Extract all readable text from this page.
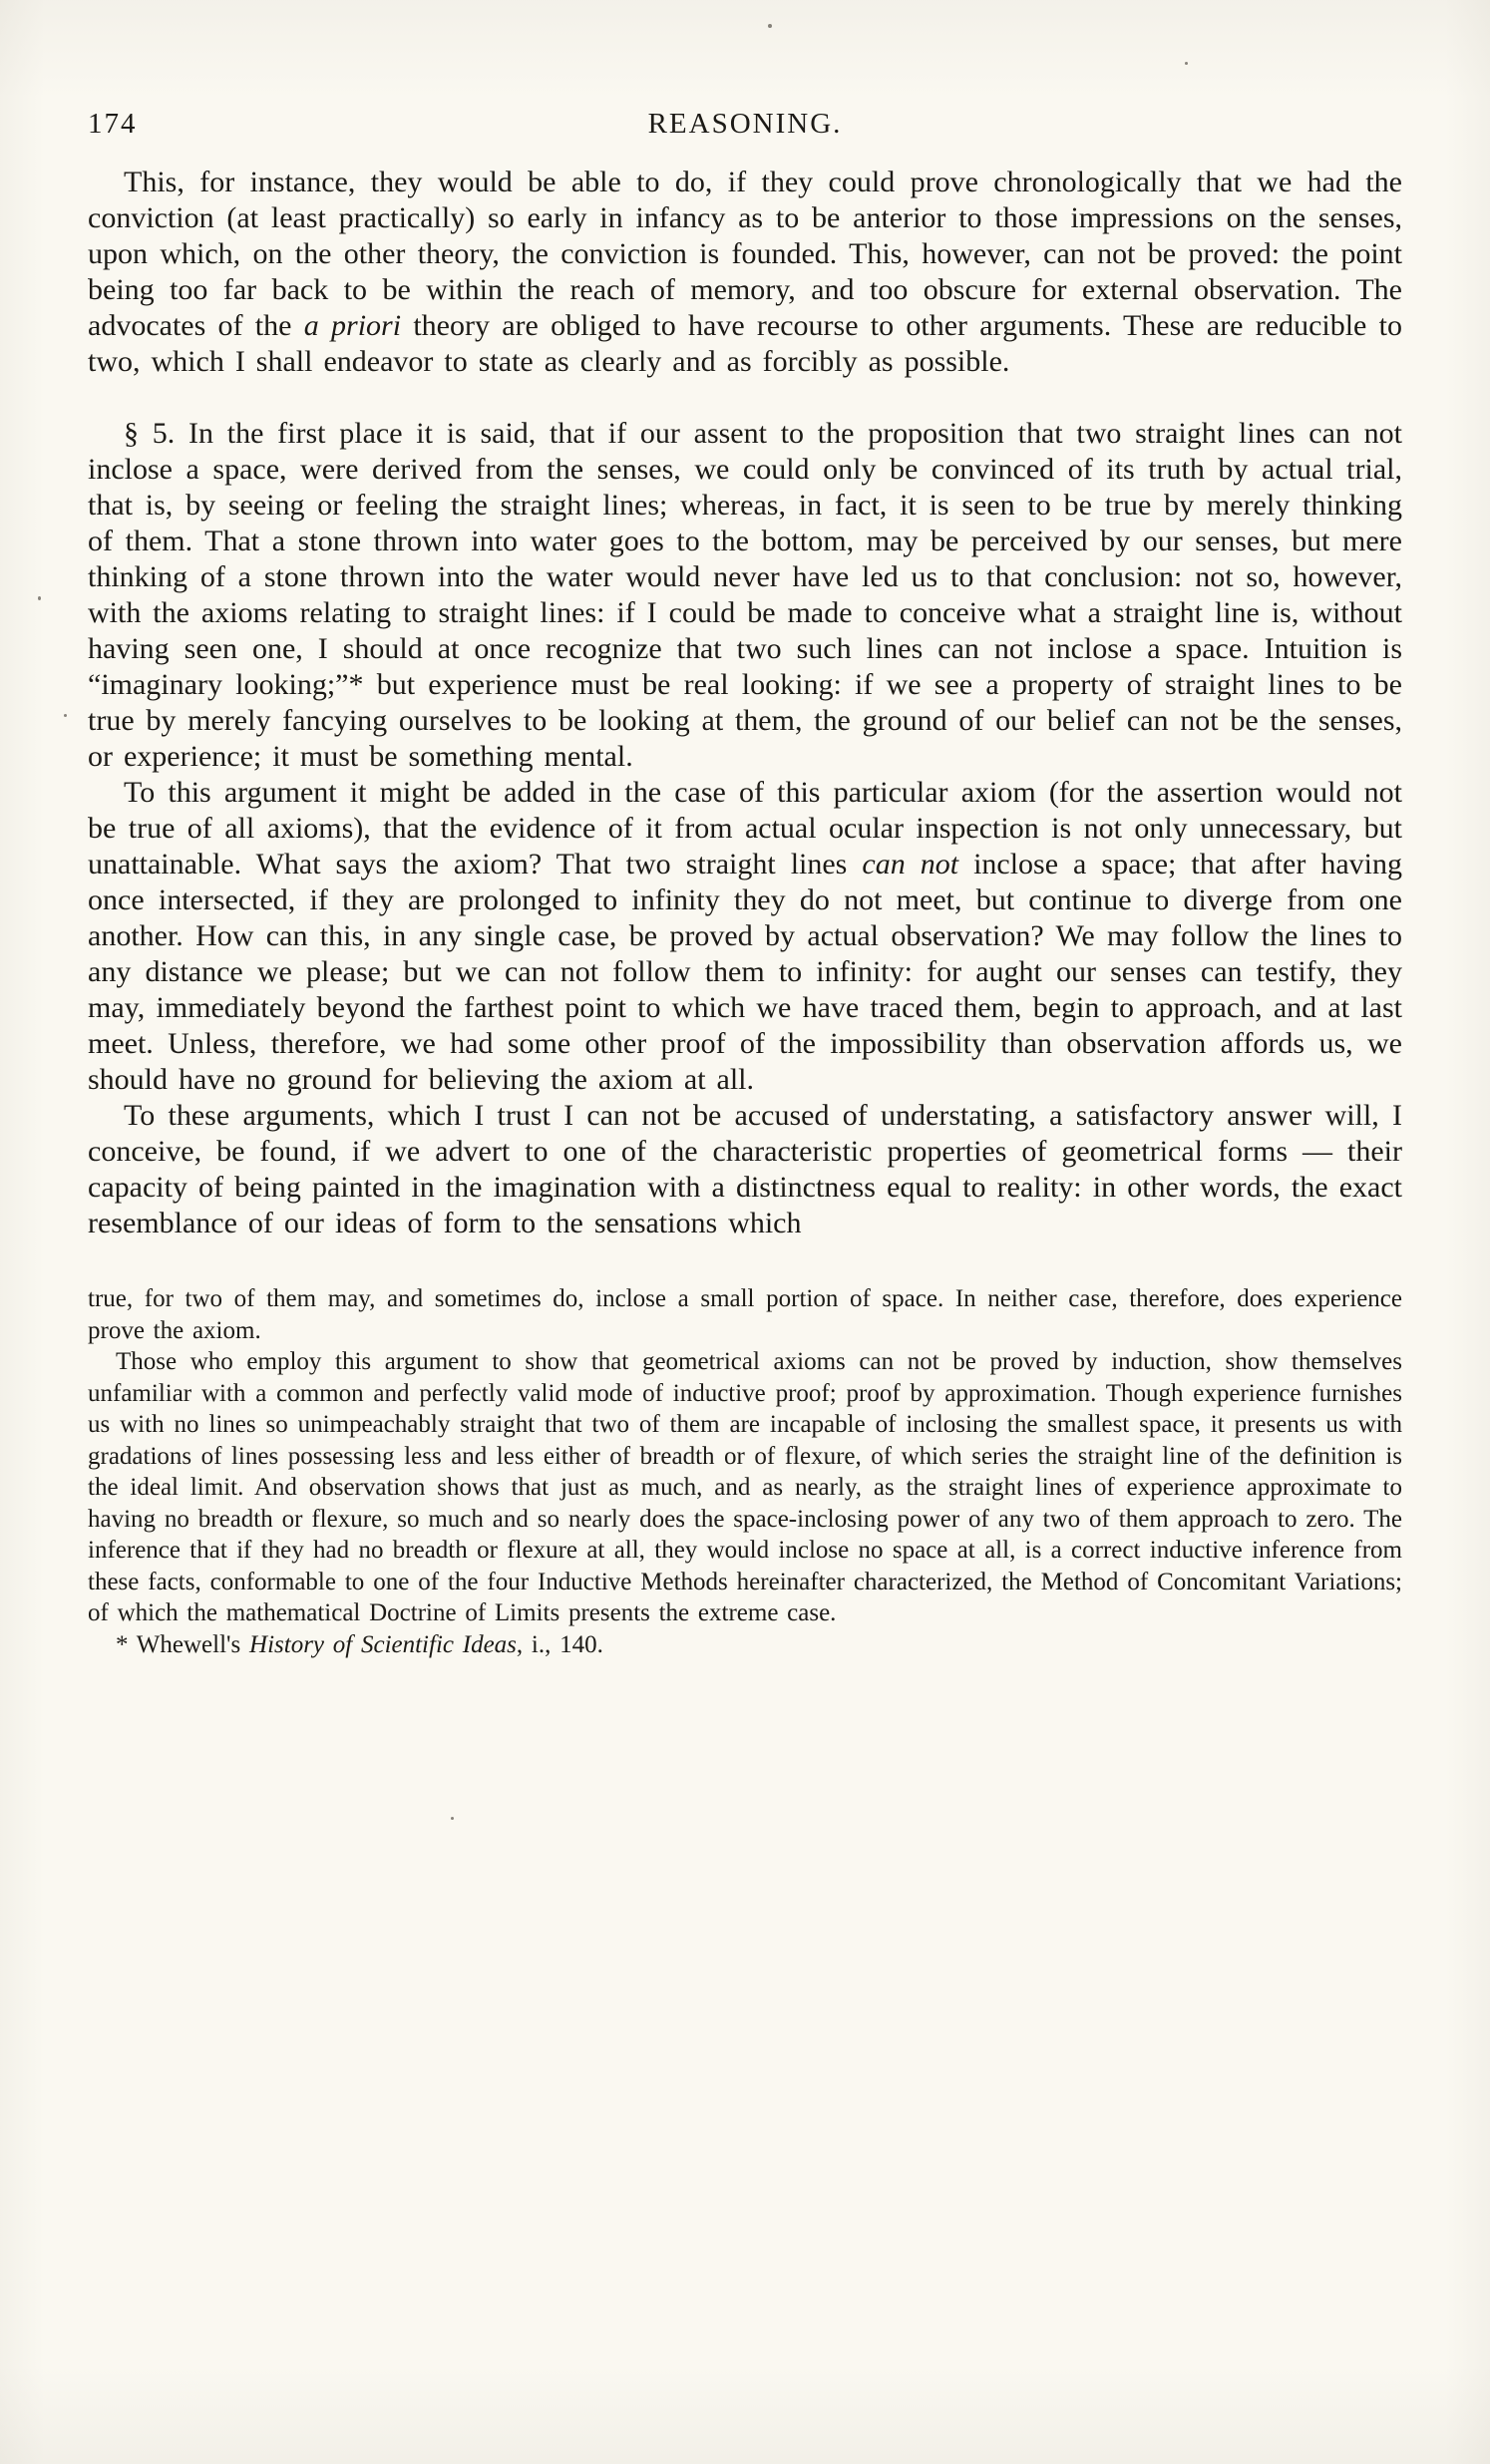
174	REASONING.

This, for instance, they would be able to do, if they could prove chronologically that we had the conviction (at least practically) so early in infancy as to be anterior to those impressions on the senses, upon which, on the other theory, the conviction is founded. This, however, can not be proved: the point being too far back to be within the reach of memory, and too obscure for external observation. The advocates of the a priori theory are obliged to have recourse to other arguments. These are reducible to two, which I shall endeavor to state as clearly and as forcibly as possible.

§ 5. In the first place it is said, that if our assent to the proposition that two straight lines can not inclose a space, were derived from the senses, we could only be convinced of its truth by actual trial, that is, by seeing or feeling the straight lines; whereas, in fact, it is seen to be true by merely thinking of them. That a stone thrown into water goes to the bottom, may be perceived by our senses, but mere thinking of a stone thrown into the water would never have led us to that conclusion: not so, however, with the axioms relating to straight lines: if I could be made to conceive what a straight line is, without having seen one, I should at once recognize that two such lines can not inclose a space. Intuition is “imaginary looking;”* but experience must be real looking: if we see a property of straight lines to be true by merely fancying ourselves to be looking at them, the ground of our belief can not be the senses, or experience; it must be something mental.

To this argument it might be added in the case of this particular axiom (for the assertion would not be true of all axioms), that the evidence of it from actual ocular inspection is not only unnecessary, but unattainable. What says the axiom? That two straight lines can not inclose a space; that after having once intersected, if they are prolonged to infinity they do not meet, but continue to diverge from one another. How can this, in any single case, be proved by actual observation? We may follow the lines to any distance we please; but we can not follow them to infinity: for aught our senses can testify, they may, immediately beyond the farthest point to which we have traced them, begin to approach, and at last meet. Unless, therefore, we had some other proof of the impossibility than observation affords us, we should have no ground for believing the axiom at all.

To these arguments, which I trust I can not be accused of understating, a satisfactory answer will, I conceive, be found, if we advert to one of the characteristic properties of geometrical forms — their capacity of being painted in the imagination with a distinctness equal to reality: in other words, the exact resemblance of our ideas of form to the sensations which

true, for two of them may, and sometimes do, inclose a small portion of space. In neither case, therefore, does experience prove the axiom.

Those who employ this argument to show that geometrical axioms can not be proved by induction, show themselves unfamiliar with a common and perfectly valid mode of inductive proof; proof by approximation. Though experience furnishes us with no lines so unimpeachably straight that two of them are incapable of inclosing the smallest space, it presents us with gradations of lines possessing less and less either of breadth or of flexure, of which series the straight line of the definition is the ideal limit. And observation shows that just as much, and as nearly, as the straight lines of experience approximate to having no breadth or flexure, so much and so nearly does the space-inclosing power of any two of them approach to zero. The inference that if they had no breadth or flexure at all, they would inclose no space at all, is a correct inductive inference from these facts, conformable to one of the four Inductive Methods hereinafter characterized, the Method of Concomitant Variations; of which the mathematical Doctrine of Limits presents the extreme case.

* Whewell's History of Scientific Ideas, i., 140.
